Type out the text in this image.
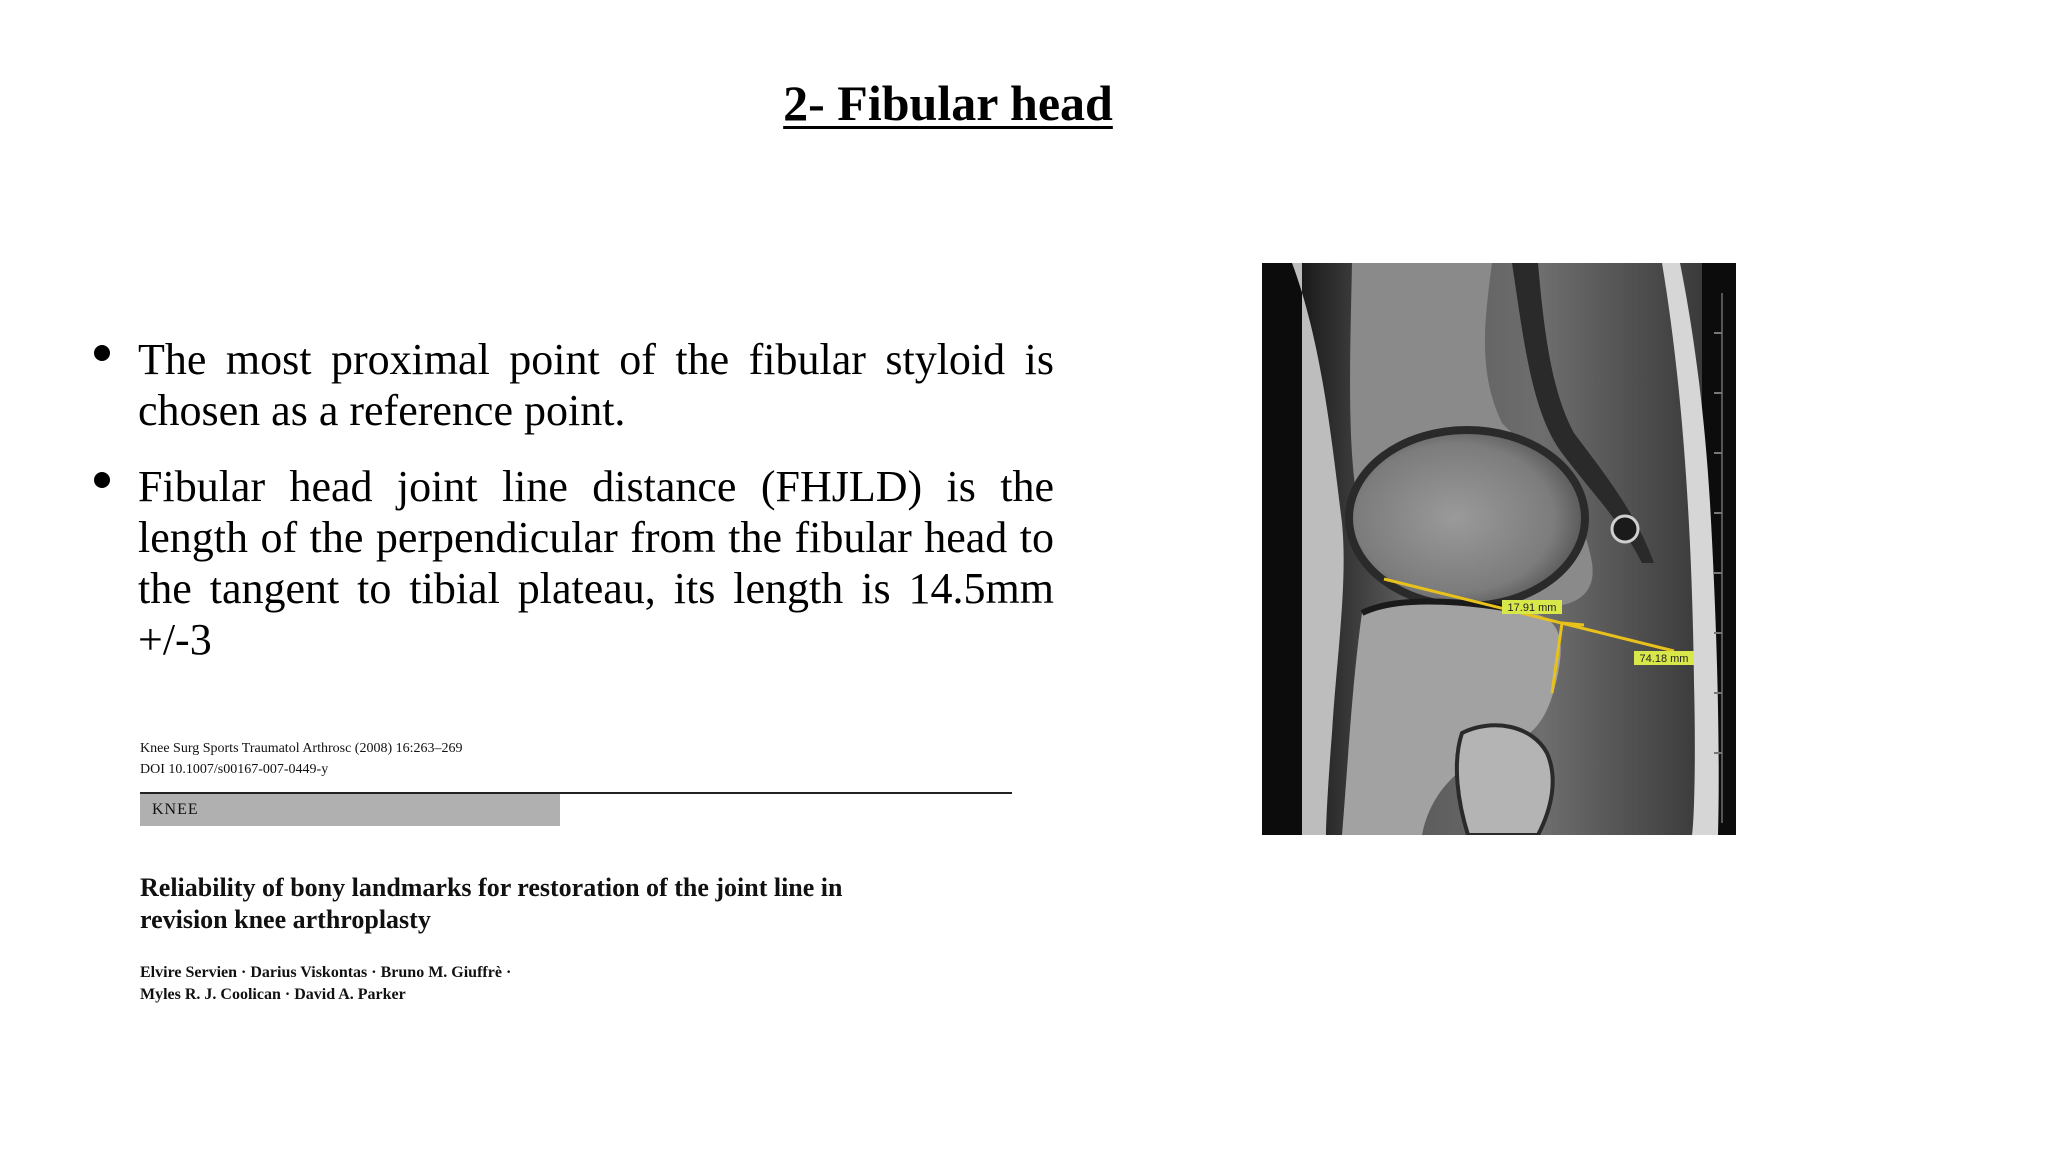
2- Fibular head
The most proximal point of the fibular styloid is chosen as a reference point.
Fibular head joint line distance (FHJLD) is the length of the perpendicular from the fibular head to the tangent to tibial plateau, its length is 14.5mm +/-3
Knee Surg Sports Traumatol Arthrosc (2008) 16:263–269
DOI 10.1007/s00167-007-0449-y
KNEE
Reliability of bony landmarks for restoration of the joint line in revision knee arthroplasty
Elvire Servien · Darius Viskontas · Bruno M. Giuffrè ·
Myles R. J. Coolican · David A. Parker
17.91 mm
74.18 mm
